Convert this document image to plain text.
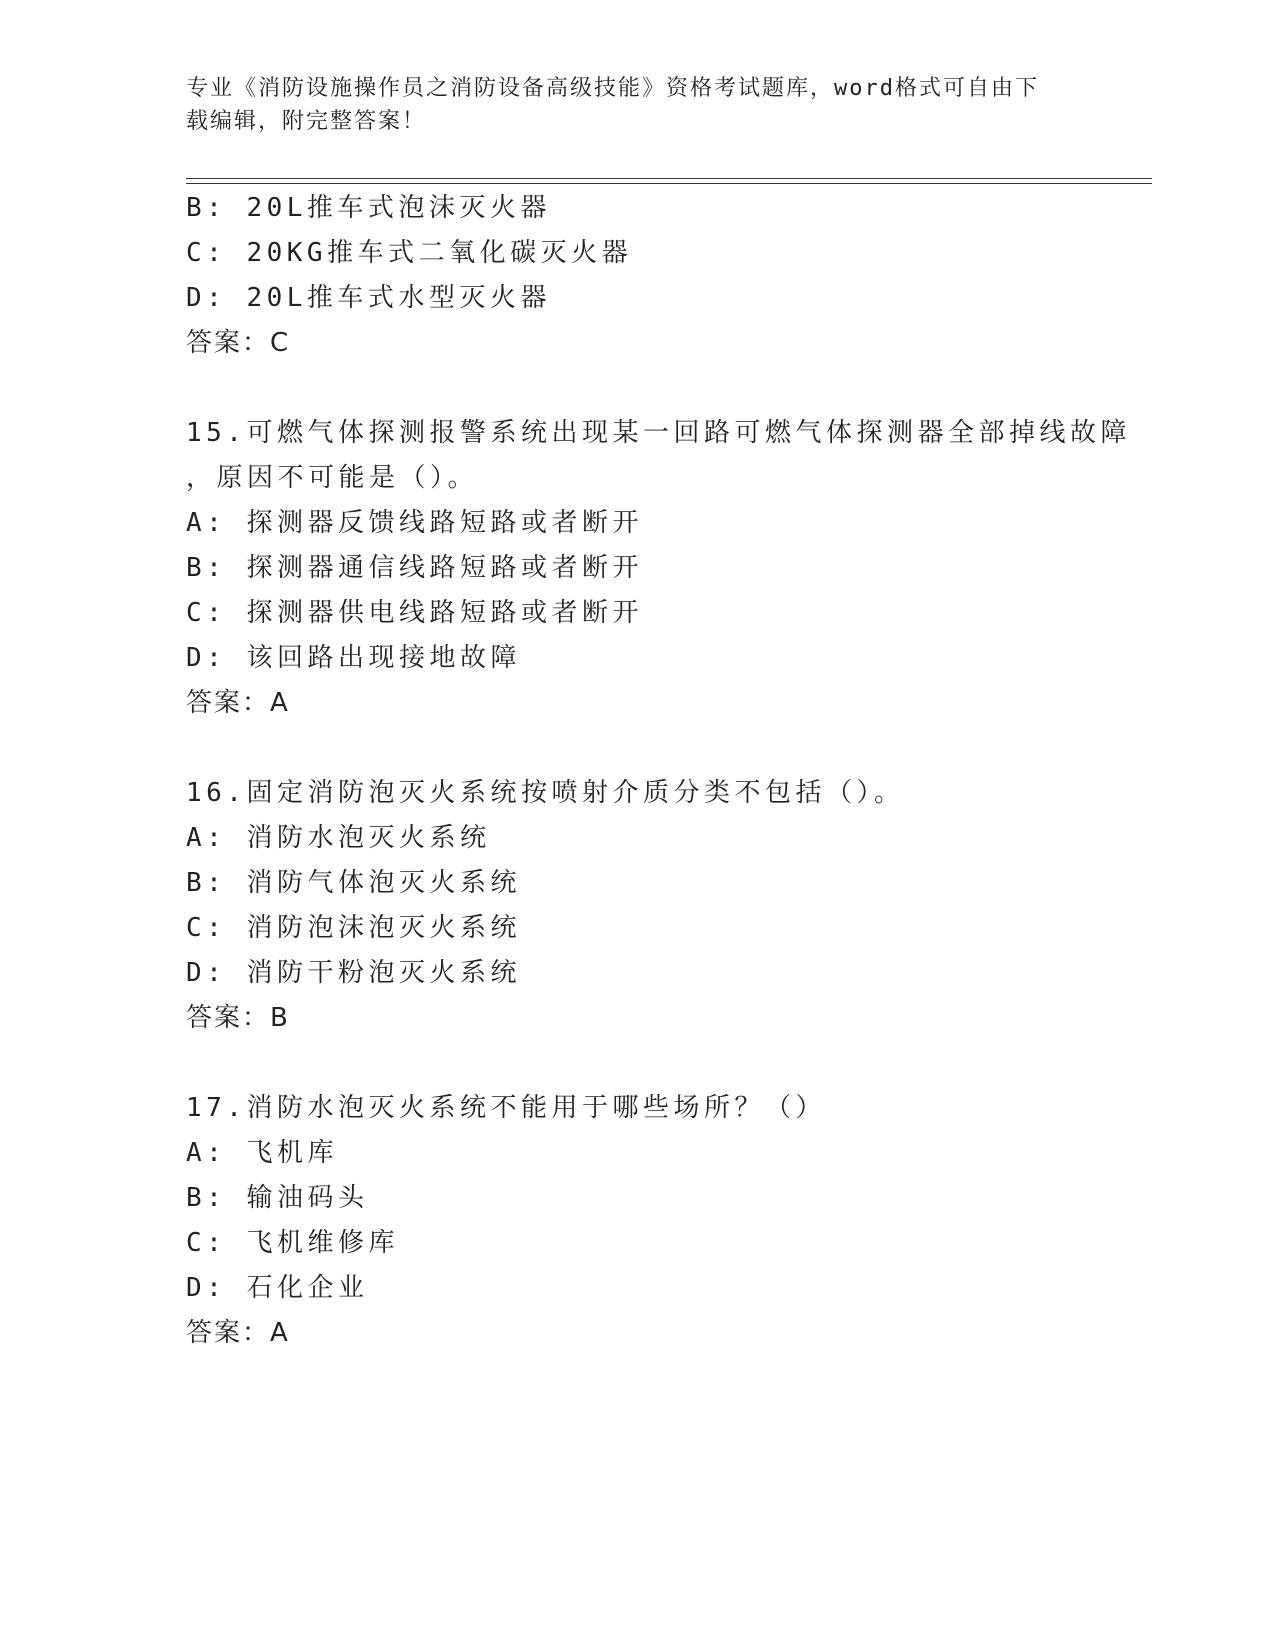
专业《消防设施操作员之消防设备高级技能》资格考试题库，word格式可自由下
载编辑，附完整答案！
B: 20L推车式泡沫灭火器
C: 20KG推车式二氧化碳灭火器
D: 20L推车式水型灭火器
答案：C
15.可燃气体探测报警系统出现某一回路可燃气体探测器全部掉线故障
，原因不可能是（）。
A: 探测器反馈线路短路或者断开
B: 探测器通信线路短路或者断开
C: 探测器供电线路短路或者断开
D: 该回路出现接地故障
答案：A
16.固定消防泡灭火系统按喷射介质分类不包括（）。
A: 消防水泡灭火系统
B: 消防气体泡灭火系统
C: 消防泡沫泡灭火系统
D: 消防干粉泡灭火系统
答案：B
17.消防水泡灭火系统不能用于哪些场所？（）
A: 飞机库
B: 输油码头
C: 飞机维修库
D: 石化企业
答案：A
